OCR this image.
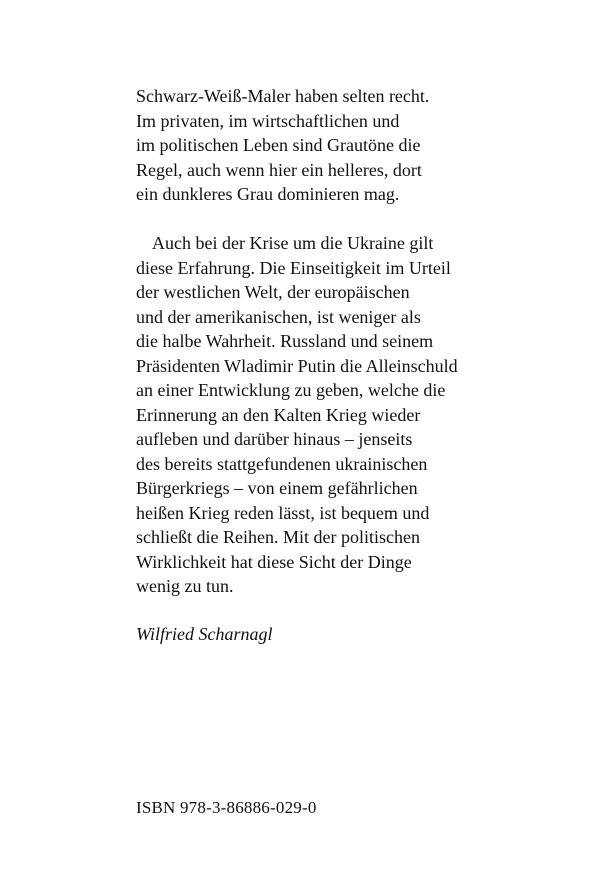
Schwarz-Weiß-Maler haben selten recht.
Im privaten, im wirtschaftlichen und
im politischen Leben sind Grautöne die
Regel, auch wenn hier ein helleres, dort
ein dunkleres Grau dominieren mag.
Auch bei der Krise um die Ukraine gilt
diese Erfahrung. Die Einseitigkeit im Urteil
der westlichen Welt, der europäischen
und der amerikanischen, ist weniger als
die halbe Wahrheit. Russland und seinem
Präsidenten Wladimir Putin die Alleinschuld
an einer Entwicklung zu geben, welche die
Erinnerung an den Kalten Krieg wieder
aufleben und darüber hinaus – jenseits
des bereits stattgefundenen ukrainischen
Bürgerkriegs – von einem gefährlichen
heißen Krieg reden lässt, ist bequem und
schließt die Reihen. Mit der politischen
Wirklichkeit hat diese Sicht der Dinge
wenig zu tun.
Wilfried Scharnagl
ISBN 978-3-86886-029-0
